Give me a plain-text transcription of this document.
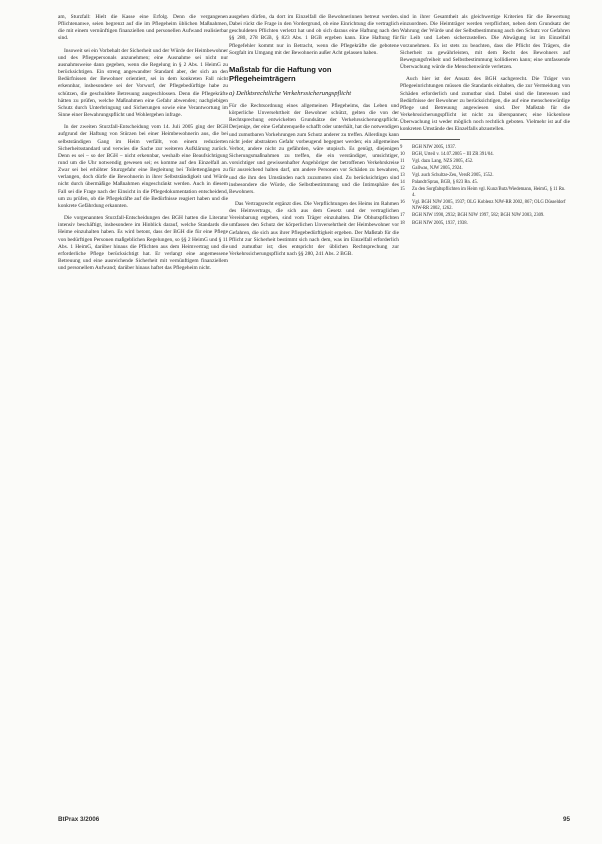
am, Sturzfall: Hielt die Kasse eine Erfolg. Denn die vergangenen Pflichtenanwe, seien begrenzt auf die im Pflegeheim üblichen Maßnahmen, die mit einem vernünftigen finanziellen und personellen Aufwand realisierbar sind.

Insoweit sei ein Vorbehalt der Sicherheit und der Würde der Heimbewohner und des Pflegepersonals anzunehmen; eine Ausnahme sei nicht nur ausnahmsweise dann gegeben, wenn die Regelung in § 2 Abs. 1 HeimG zu berücksichtigen. Ein streng angewandter Standard aber, der sich an den Bedürfnissen der Bewohner orientiert, sei in dem konkreten Fall nicht erkennbar, insbesondere sei der Vorwurf, der Pflegebedürftige habe zu schützen, die geschuldete Betreuung ausgeschlossen. Denn die Pflegekräfte hätten zu prüfen, welche Maßnahmen eine Gefahr abwenden; nachgiebigen Schutz durch Unterbringung und Sicherungen sowie eine Verantwortung im Sinne einer Bewahrungspflicht und Wohlergehen infrage.

In der zweiten Sturzfall-Entscheidung vom 14. Juli 2005 ging der BGH aufgrund der Haftung von Stürzen bei einer Heimbewohnerin aus, die bei selbstständigen Gang im Heim verfällt, von einem reduzierten Sicherheitsstandard und verwies die Sache zur weiteren Aufklärung zurück. Denn es sei – so der BGH – nicht erkennbar, weshalb eine Beaufsichtigung rund um die Uhr notwendig gewesen sei; es komme auf den Einzelfall an. Zwar sei bei erhöhter Sturzgefahr eine Begleitung bei Toilettengängen zu verlangen, doch dürfe die Bewohnerin in ihrer Selbstständigkeit und Würde nicht durch übermäßige Maßnahmen eingeschränkt werden. Auch in diesem Fall sei die Frage nach der Einsicht in die Pflegedokumentation entscheidend, um zu prüfen, ob die Pflegekräfte auf die Bedürfnisse reagiert haben und die konkrete Gefährdung erkannten.

Die vorgenannten Sturzfall-Entscheidungen des BGH hatten die Literatur intensiv beschäftigt, insbesondere im Hinblick darauf, welche Standards die Heime einzuhalten haben. Es wird betont, dass der BGH die für eine Pflege von bedürftigen Personen maßgeblichen Regelungen, so §§ 2 HeimG und § 11 Abs. 1 HeimG, darüber hinaus die Pflichten aus dem Heimvertrag und die erforderliche Pflege berücksichtigt hat. Er verlangt eine angemessene Betreuung und eine ausreichende Sicherheit mit vernünftigem finanziellem und personellem Aufwand; darüber hinaus haftet das Pflegeheim nicht.

ausgehen dürfen, da dort im Einzelfall die Bewohnerinnen betreut werden. Dabei rückt die Frage in den Vordergrund, ob eine Einrichtung die vertraglich geschuldeten Pflichten verletzt hat und ob sich daraus eine Haftung nach den §§ 280, 278 BGB, § 823 Abs. 1 BGB ergeben kann. Eine Haftung für Pflegefehler kommt nur in Betracht, wenn die Pflegekräfte die gebotene Sorgfalt im Umgang mit der Bewohnerin außer Acht gelassen haben.

Maßstab für die Haftung von Pflegeheimträgern
a) Deliktsrechtliche Verkehrssicherungspflicht

Für die Rechtsordnung eines allgemeinen Pflegeheims, das Leben und körperliche Unversehrtheit der Bewohner schützt, gelten die von der Rechtsprechung entwickelten Grundsätze der Verkehrssicherungspflicht. Derjenige, der eine Gefahrenquelle schafft oder unterhält, hat die notwendigen und zumutbaren Vorkehrungen zum Schutz anderer zu treffen. Allerdings kann nicht jeder abstrakten Gefahr vorbeugend begegnet werden; ein allgemeines Verbot, andere nicht zu gefährden, wäre utopisch. Es genügt, diejenigen Sicherungsmaßnahmen zu treffen, die ein verständiger, umsichtiger, vorsichtiger und gewissenhafter Angehöriger der betroffenen Verkehrskreise für ausreichend halten darf, um andere Personen vor Schäden zu bewahren, und die ihm den Umständen nach zuzumuten sind. Zu berücksichtigen sind insbesondere die Würde, die Selbstbestimmung und die Intimsphäre des Bewohners.

Das Vertragsrecht ergänzt dies. Die Verpflichtungen des Heims im Rahmen des Heimvertrags, die sich aus dem Gesetz und der vertraglichen Vereinbarung ergeben, sind vom Träger einzuhalten. Die Obhutspflichten umfassen den Schutz der körperlichen Unversehrtheit der Heimbewohner vor Gefahren, die sich aus ihrer Pflegebedürftigkeit ergeben. Der Maßstab für die Pflicht zur Sicherheit bestimmt sich nach dem, was im Einzelfall erforderlich und zumutbar ist; dies entspricht der üblichen Rechtsprechung zur Verkehrssicherungspflicht nach §§ 280, 241 Abs. 2 BGB.

sind in ihrer Gesamtheit als gleichwertige Kriterien für die Bewertung einzuordnen. Die Heimträger werden verpflichtet, neben dem Grundsatz der Wahrung der Würde und der Selbstbestimmung auch den Schutz vor Gefahren für Leib und Leben sicherzustellen. Die Abwägung ist im Einzelfall vorzunehmen. Es ist stets zu beachten, dass die Pflicht des Trägers, die Sicherheit zu gewährleisten, mit dem Recht des Bewohners auf Bewegungsfreiheit und Selbstbestimmung kollidieren kann; eine umfassende Überwachung würde die Menschenwürde verletzen.

Auch hier ist der Ansatz des BGH sachgerecht. Die Träger von Pflegeeinrichtungen müssen die Standards einhalten, die zur Vermeidung von Schäden erforderlich und zumutbar sind. Dabei sind die Interessen und Bedürfnisse der Bewohner zu berücksichtigen, die auf eine menschenwürdige Pflege und Betreuung angewiesen sind. Der Maßstab für die Verkehrssicherungspflicht ist nicht zu überspannen; eine lückenlose Überwachung ist weder möglich noch rechtlich geboten. Vielmehr ist auf die konkreten Umstände des Einzelfalls abzustellen.

9	BGH NJW 2005, 1937.
10	BGH, Urteil v. 14.07.2005 – III ZR 391/04.
11	Vgl. dazu Lang, NZS 2005, 452.
12	Gallwas, NJW 2005, 2924.
13	Vgl. auch Schultze-Zeu, VersR 2005, 1552.
14	Palandt/Sprau, BGB, § 823 Rn. 45.
15	Zu den Sorgfaltspflichten im Heim vgl. Kunz/Butz/Wiedemann, HeimG, § 11 Rn. 4.
16	Vgl. BGH NJW 2005, 1937; OLG Koblenz NJW-RR 2002, 867; OLG Düsseldorf NJW-RR 2002, 1262.
17	BGH NJW 1990, 2932; BGH NJW 1997, 582; BGH NJW 2003, 2309.
18	BGH NJW 2005, 1937, 1938.
BtPrax 3/2006	95
